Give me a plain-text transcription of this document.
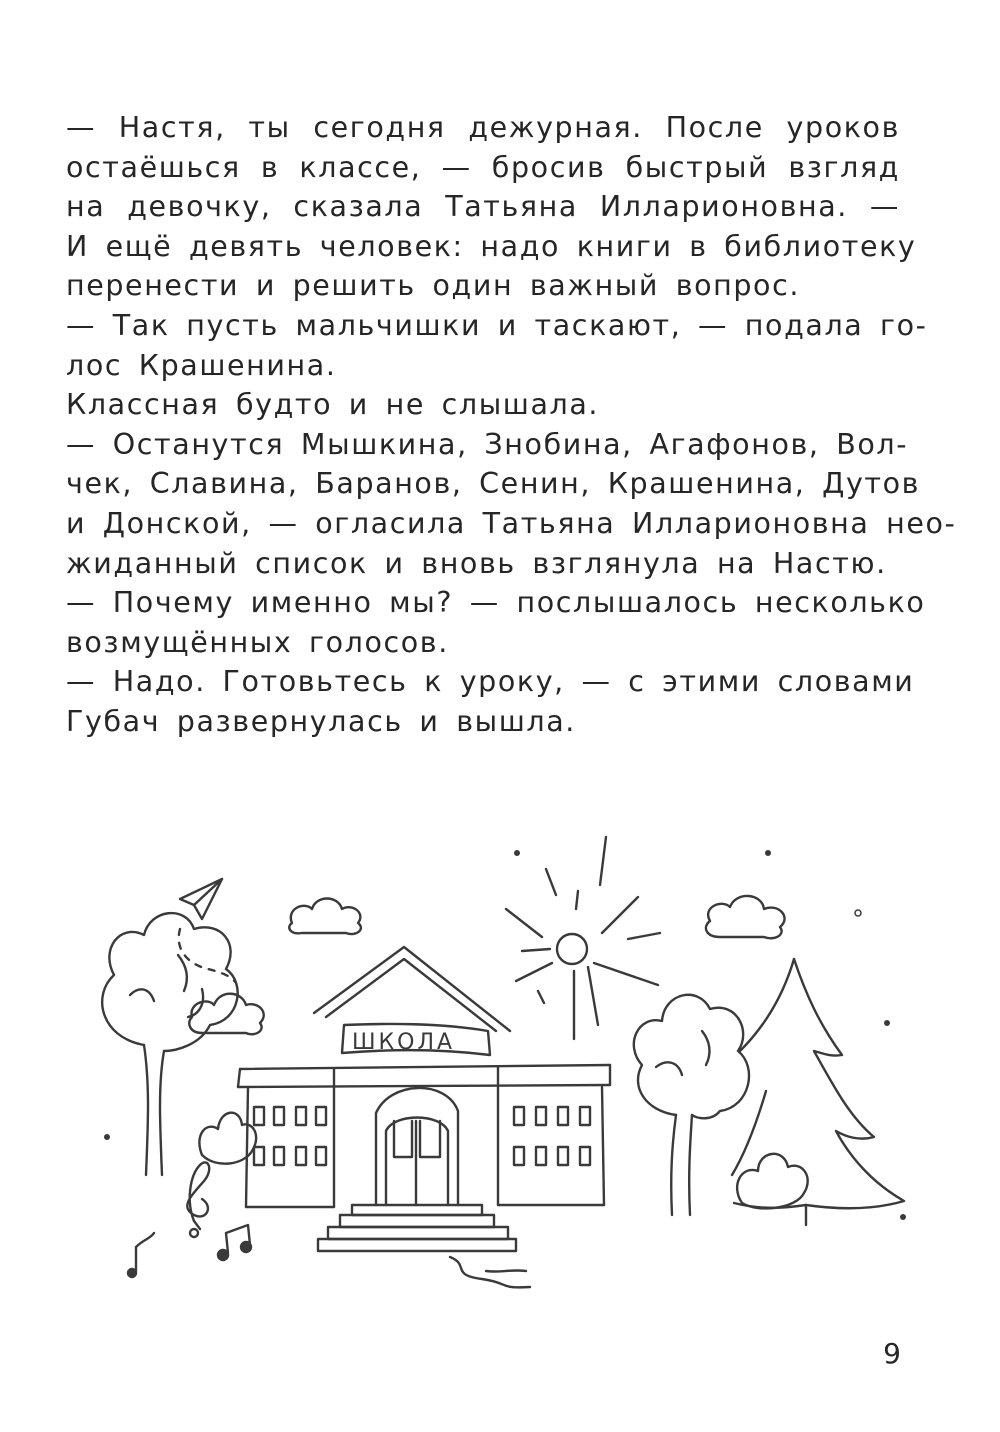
— Настя, ты сегодня дежурная. После уроков
остаёшься в классе, — бросив быстрый взгляд
на девочку, сказала Татьяна Илларионовна. —
И ещё девять человек: надо книги в библиотеку
перенести и решить один важный вопрос.
— Так пусть мальчишки и таскают, — подала го-
лос Крашенина.
Классная будто и не слышала.
— Останутся Мышкина, Знобина, Агафонов, Вол-
чек, Славина, Баранов, Сенин, Крашенина, Дутов
и Донской, — огласила Татьяна Илларионовна нео-
жиданный список и вновь взглянула на Настю.
— Почему именно мы? — послышалось несколько
возмущённых голосов.
— Надо. Готовьтесь к уроку, — с этими словами
Губач развернулась и вышла.
ШКОЛА
9
